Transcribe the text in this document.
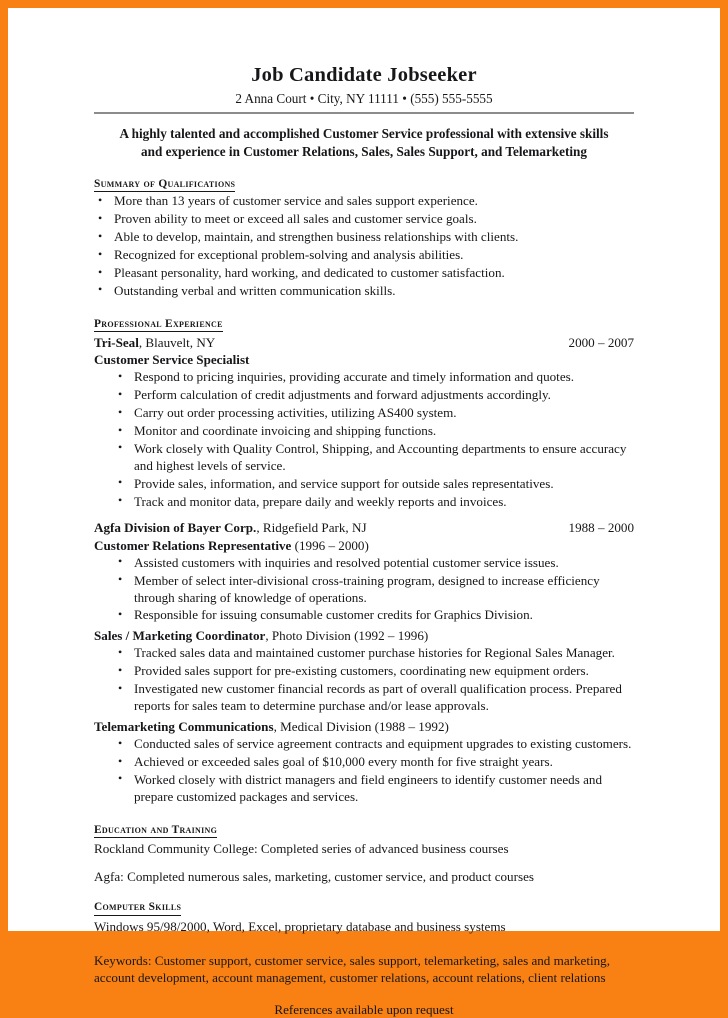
Job Candidate Jobseeker
2 Anna Court • City, NY 11111 • (555) 555-5555
A highly talented and accomplished Customer Service professional with extensive skills
and experience in Customer Relations, Sales, Sales Support, and Telemarketing
Summary of Qualifications
• More than 13 years of customer service and sales support experience.
• Proven ability to meet or exceed all sales and customer service goals.
• Able to develop, maintain, and strengthen business relationships with clients.
• Recognized for exceptional problem-solving and analysis abilities.
• Pleasant personality, hard working, and dedicated to customer satisfaction.
• Outstanding verbal and written communication skills.
Professional Experience
Tri-Seal, Blauvelt, NY	2000 – 2007
Customer Service Specialist
• Respond to pricing inquiries, providing accurate and timely information and quotes.
• Perform calculation of credit adjustments and forward adjustments accordingly.
• Carry out order processing activities, utilizing AS400 system.
• Monitor and coordinate invoicing and shipping functions.
• Work closely with Quality Control, Shipping, and Accounting departments to ensure accuracy and highest levels of service.
• Provide sales, information, and service support for outside sales representatives.
• Track and monitor data, prepare daily and weekly reports and invoices.
Agfa Division of Bayer Corp., Ridgefield Park, NJ	1988 – 2000
Customer Relations Representative (1996 – 2000)
• Assisted customers with inquiries and resolved potential customer service issues.
• Member of select inter-divisional cross-training program, designed to increase efficiency through sharing of knowledge of operations.
• Responsible for issuing consumable customer credits for Graphics Division.
Sales / Marketing Coordinator, Photo Division (1992 – 1996)
• Tracked sales data and maintained customer purchase histories for Regional Sales Manager.
• Provided sales support for pre-existing customers, coordinating new equipment orders.
• Investigated new customer financial records as part of overall qualification process. Prepared reports for sales team to determine purchase and/or lease approvals.
Telemarketing Communications, Medical Division (1988 – 1992)
• Conducted sales of service agreement contracts and equipment upgrades to existing customers.
• Achieved or exceeded sales goal of $10,000 every month for five straight years.
• Worked closely with district managers and field engineers to identify customer needs and prepare customized packages and services.
Education and Training
Rockland Community College: Completed series of advanced business courses
Agfa: Completed numerous sales, marketing, customer service, and product courses
Computer Skills
Windows 95/98/2000, Word, Excel, proprietary database and business systems
Keywords: Customer support, customer service, sales support, telemarketing, sales and marketing, account development, account management, customer relations, account relations, client relations
References available upon request
